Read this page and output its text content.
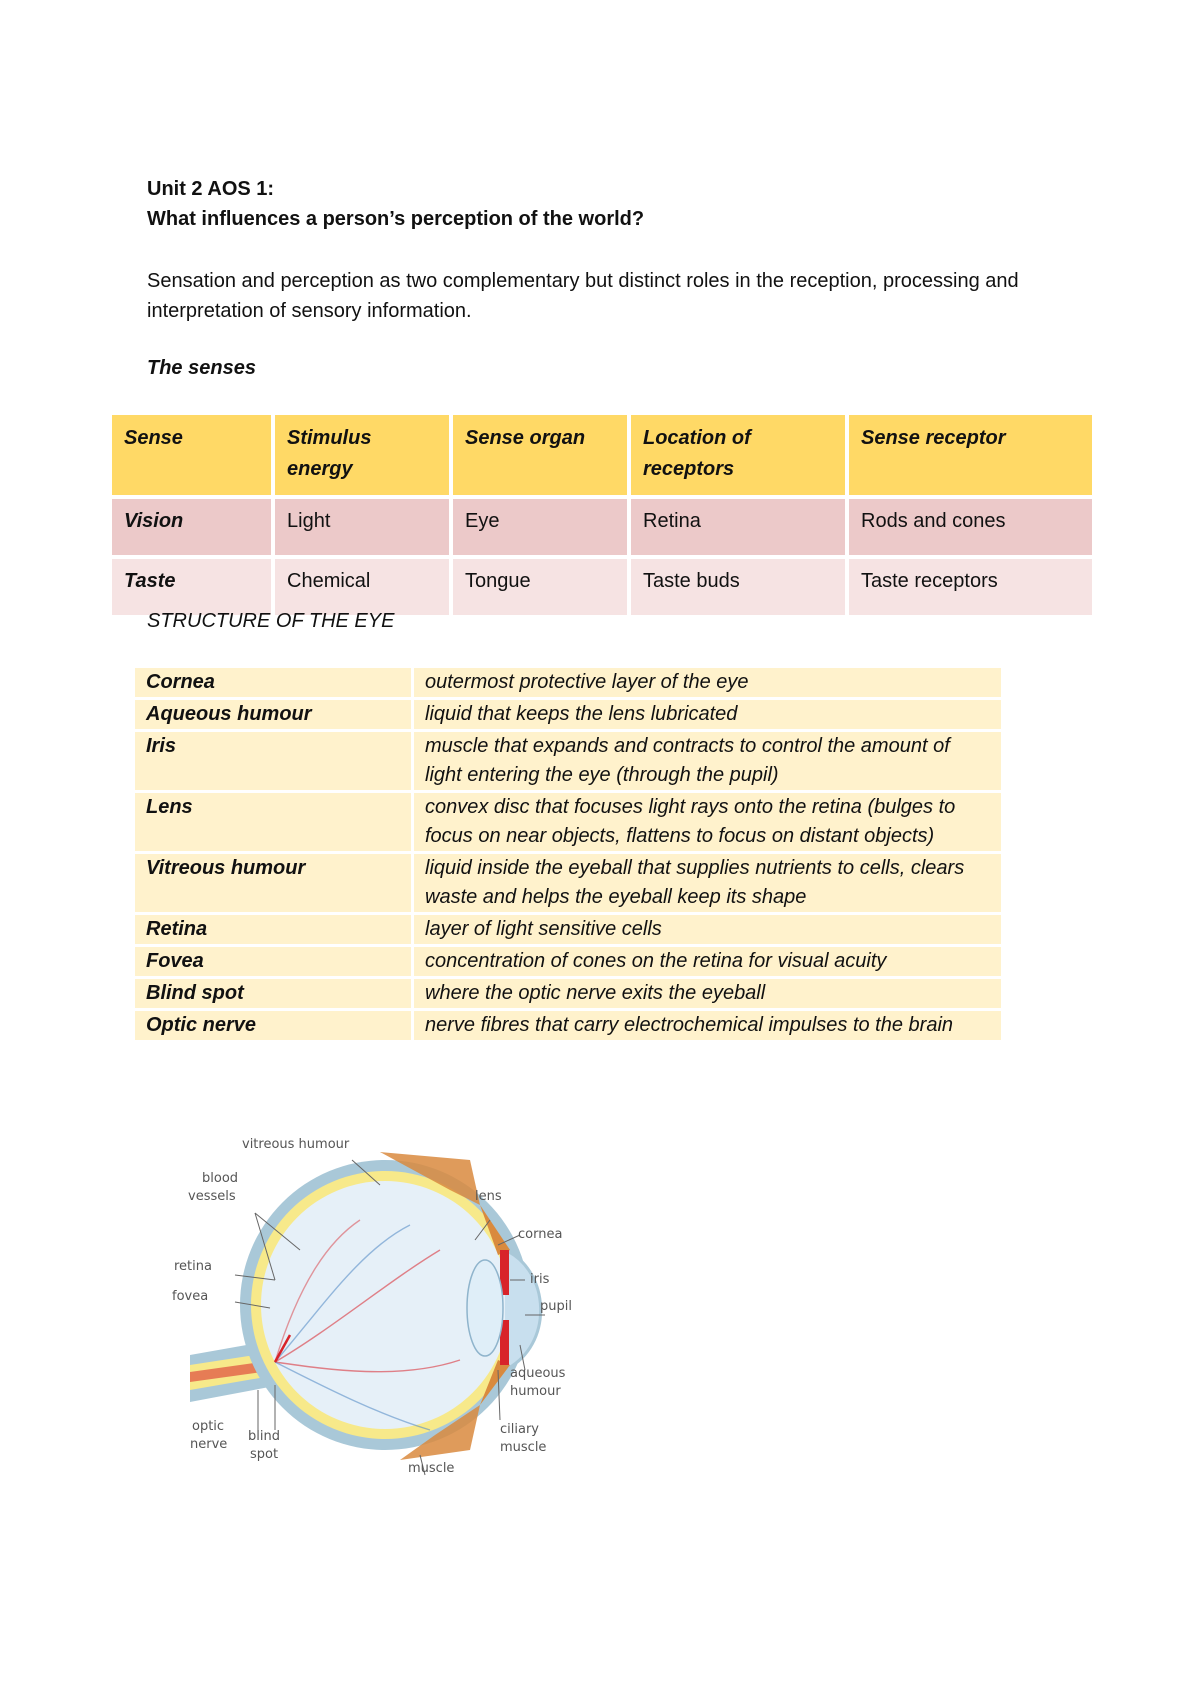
Unit 2 AOS 1:
What influences a person’s perception of the world?
Sensation and perception as two complementary but distinct roles in the reception, processing and interpretation of sensory information.
The senses
Sense	Stimulus energy	Sense organ	Location of receptors	Sense receptor
Vision	Light	Eye	Retina	Rods and cones
Taste	Chemical	Tongue	Taste buds	Taste receptors
STRUCTURE OF THE EYE
Cornea	outermost protective layer of the eye
Aqueous humour	liquid that keeps the lens lubricated
Iris	muscle that expands and contracts to control the amount of light entering the eye (through the pupil)
Lens	convex disc that focuses light rays onto the retina (bulges to focus on near objects, flattens to focus on distant objects)
Vitreous humour	liquid inside the eyeball that supplies nutrients to cells, clears waste and helps the eyeball keep its shape
Retina	layer of light sensitive cells
Fovea	concentration of cones on the retina for visual acuity
Blind spot	where the optic nerve exits the eyeball
Optic nerve	nerve fibres that carry electrochemical impulses to the brain
vitreous humour
blood
vessels
retina
fovea
optic
nerve
blind
spot
muscle
lens
cornea
iris
pupil
aqueous
humour
ciliary
muscle
